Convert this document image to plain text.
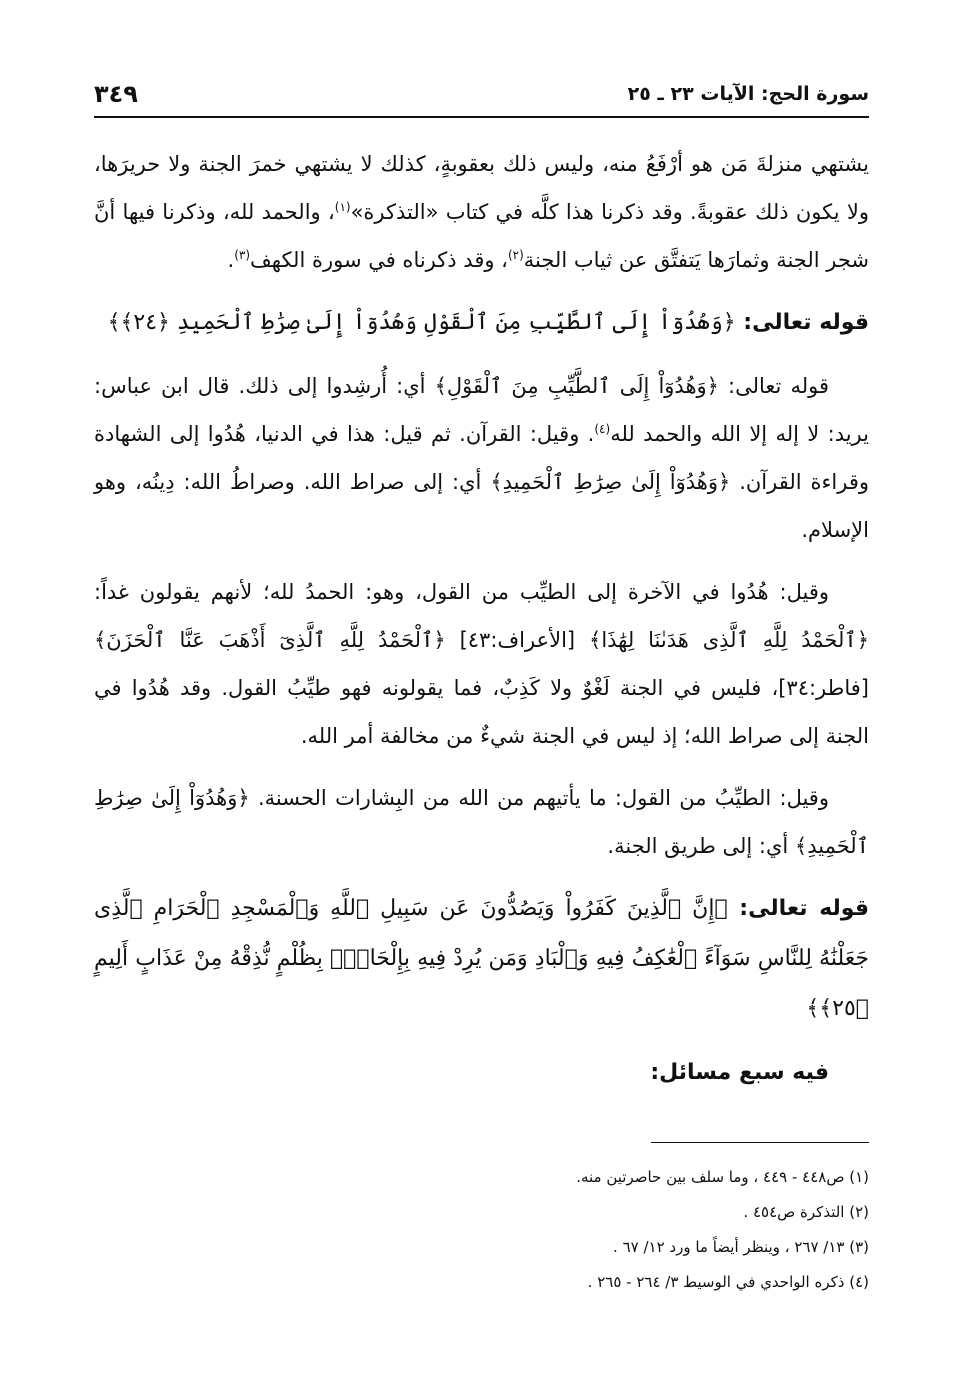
سورة الحج: الآيات ٢٣ ـ ٢٥
٣٤٩

يشتهي منزلةَ مَن هو أرْفَعُ منه، وليس ذلك بعقوبةٍ، كذلك لا يشتهي خمرَ الجنة ولا حريرَها، ولا يكون ذلك عقوبةً. وقد ذكرنا هذا كلَّه في كتاب «التذكرة»$^{(١)}$، والحمد لله، وذكرنا فيها أنَّ شجر الجنة وثمارَها يَتفتَّق عن ثياب الجنة$^{(٢)}$، وقد ذكرناه في سورة الكهف$^{(٣)}$.

قوله تعالى: ﴿وَهُدُوٓاْ إِلَى ٱلطَّيِّبِ مِنَ ٱلْقَوْلِ وَهُدُوٓاْ إِلَىٰ صِرَٰطِ ٱلْحَمِيدِ ﴿٢٤﴾﴾

قوله تعالى: ﴿وَهُدُوٓاْ إِلَى ٱلطَّيِّبِ مِنَ ٱلْقَوْلِ﴾ أي: أُرشِدوا إلى ذلك. قال ابن عباس: يريد: لا إله إلا الله والحمد لله$^{(٤)}$. وقيل: القرآن. ثم قيل: هذا في الدنيا، هُدُوا إلى الشهادة وقراءة القرآن. ﴿وَهُدُوٓاْ إِلَىٰ صِرَٰطِ ٱلْحَمِيدِ﴾ أي: إلى صراط الله. وصراطُ الله: دِينُه، وهو الإسلام.

وقيل: هُدُوا في الآخرة إلى الطيِّب من القول، وهو: الحمدُ لله؛ لأنهم يقولون غداً: ﴿ٱلْحَمْدُ لِلَّهِ ٱلَّذِى هَدَىٰنَا لِهَٰذَا﴾ [الأعراف:٤٣] ﴿ٱلْحَمْدُ لِلَّهِ ٱلَّذِىٓ أَذْهَبَ عَنَّا ٱلْحَزَنَ﴾ [فاطر:٣٤]، فليس في الجنة لَغْوٌ ولا كَذِبٌ، فما يقولونه فهو طيِّبُ القول. وقد هُدُوا في الجنة إلى صراط الله؛ إذ ليس في الجنة شيءٌ من مخالفة أمر الله.

وقيل: الطيِّبُ من القول: ما يأتيهم من الله من البِشارات الحسنة. ﴿وَهُدُوٓاْ إِلَىٰ صِرَٰطِ ٱلْحَمِيدِ﴾ أي: إلى طريق الجنة.

قوله تعالى: ﴿إِنَّ ٱلَّذِينَ كَفَرُواْ وَيَصُدُّونَ عَن سَبِيلِ ٱللَّهِ وَٱلْمَسْجِدِ ٱلْحَرَامِ ٱلَّذِى جَعَلْنَٰهُ لِلنَّاسِ سَوَآءً ٱلْعَٰكِفُ فِيهِ وَٱلْبَادِ وَمَن يُرِدْ فِيهِ بِإِلْحَادٍۭ بِظُلْمٍ نُّذِقْهُ مِنْ عَذَابٍ أَلِيمٍ ﴿٢٥﴾﴾

فيه سبع مسائل:

(١) ص٤٤٨ - ٤٤٩ ، وما سلف بين حاصرتين منه.

(٢) التذكرة ص٤٥٤ .

(٣) ١٣/ ٢٦٧ ، وينظر أيضاً ما ورد ١٢/ ٦٧ .

(٤) ذكره الواحدي في الوسيط ٣/ ٢٦٤ - ٢٦٥ .
